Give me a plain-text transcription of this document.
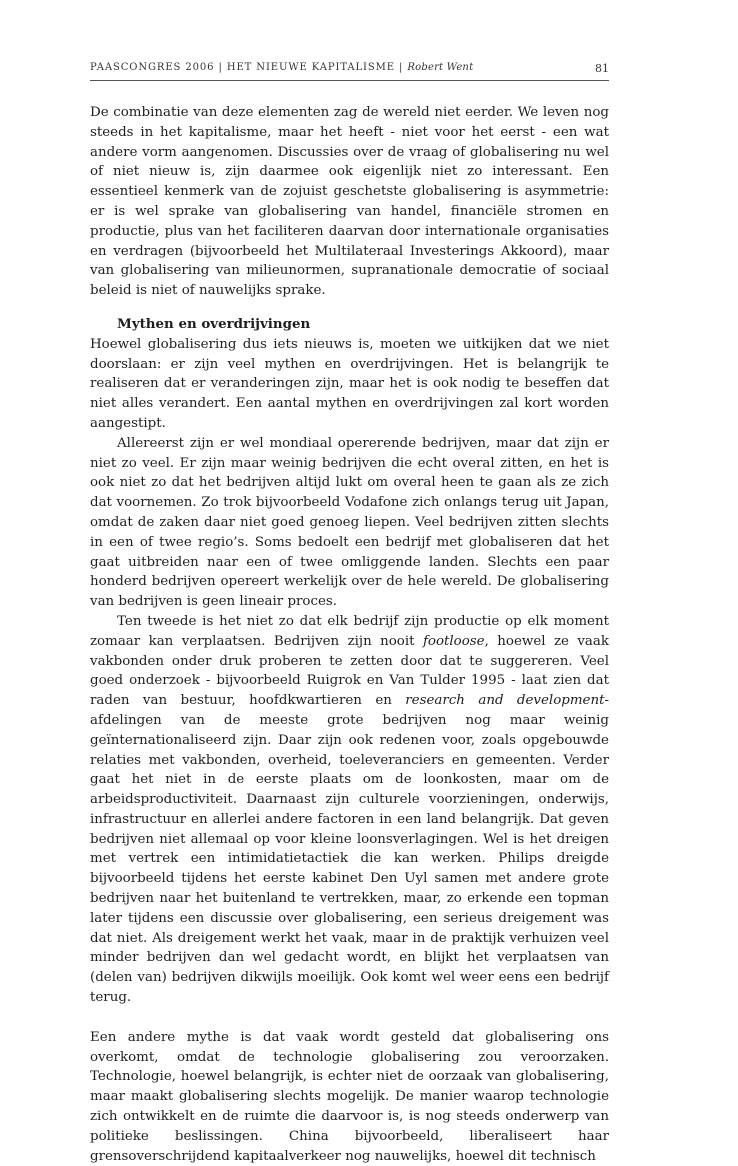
PAASCONGRES 2006 | HET NIEUWE KAPITALISME | Robert Went	81

De combinatie van deze elementen zag de wereld niet eerder. We leven nog steeds in het kapitalisme, maar het heeft - niet voor het eerst - een wat andere vorm aangenomen. Discussies over de vraag of globalisering nu wel of niet nieuw is, zijn daarmee ook eigenlijk niet zo interessant. Een essentieel kenmerk van de zojuist geschetste globalisering is asymmetrie: er is wel sprake van globalisering van handel, financiële stromen en productie, plus van het faciliteren daarvan door internationale organisaties en verdragen (bijvoorbeeld het Multilateraal Investerings Akkoord), maar van globalisering van milieunormen, supranationale democratie of sociaal beleid is niet of nauwelijks sprake.

Mythen en overdrijvingen

Hoewel globalisering dus iets nieuws is, moeten we uitkijken dat we niet doorslaan: er zijn veel mythen en overdrijvingen. Het is belangrijk te realiseren dat er veranderingen zijn, maar het is ook nodig te beseffen dat niet alles verandert. Een aantal mythen en overdrijvingen zal kort worden aangestipt.

Allereerst zijn er wel mondiaal opererende bedrijven, maar dat zijn er niet zo veel. Er zijn maar weinig bedrijven die echt overal zitten, en het is ook niet zo dat het bedrijven altijd lukt om overal heen te gaan als ze zich dat voornemen. Zo trok bijvoorbeeld Vodafone zich onlangs terug uit Japan, omdat de zaken daar niet goed genoeg liepen. Veel bedrijven zitten slechts in een of twee regio’s. Soms bedoelt een bedrijf met globaliseren dat het gaat uitbreiden naar een of twee omliggende landen. Slechts een paar honderd bedrijven opereert werkelijk over de hele wereld. De globalisering van bedrijven is geen lineair proces.

Ten tweede is het niet zo dat elk bedrijf zijn productie op elk moment zomaar kan verplaatsen. Bedrijven zijn nooit footloose, hoewel ze vaak vakbonden onder druk proberen te zetten door dat te suggereren. Veel goed onderzoek - bijvoorbeeld Ruigrok en Van Tulder 1995 - laat zien dat raden van bestuur, hoofdkwartieren en research and development-afdelingen van de meeste grote bedrijven nog maar weinig geïnternationaliseerd zijn. Daar zijn ook redenen voor, zoals opgebouwde relaties met vakbonden, overheid, toeleveranciers en gemeenten. Verder gaat het niet in de eerste plaats om de loonkosten, maar om de arbeidsproductiviteit. Daarnaast zijn culturele voorzieningen, onderwijs, infrastructuur en allerlei andere factoren in een land belangrijk. Dat geven bedrijven niet allemaal op voor kleine loonsverlagingen. Wel is het dreigen met vertrek een intimidatietactiek die kan werken. Philips dreigde bijvoorbeeld tijdens het eerste kabinet Den Uyl samen met andere grote bedrijven naar het buitenland te vertrekken, maar, zo erkende een topman later tijdens een discussie over globalisering, een serieus dreigement was dat niet. Als dreigement werkt het vaak, maar in de praktijk verhuizen veel minder bedrijven dan wel gedacht wordt, en blijkt het verplaatsen van (delen van) bedrijven dikwijls moeilijk. Ook komt wel weer eens een bedrijf terug.

Een andere mythe is dat vaak wordt gesteld dat globalisering ons overkomt, omdat de technologie globalisering zou veroorzaken. Technologie, hoewel belangrijk, is echter niet de oorzaak van globalisering, maar maakt globalisering slechts mogelijk. De manier waarop technologie zich ontwikkelt en de ruimte die daarvoor is, is nog steeds onderwerp van politieke beslissingen. China bijvoorbeeld, liberaliseert haar grensoverschrijdend kapitaalverkeer nog nauwelijks, hoewel dit technisch
